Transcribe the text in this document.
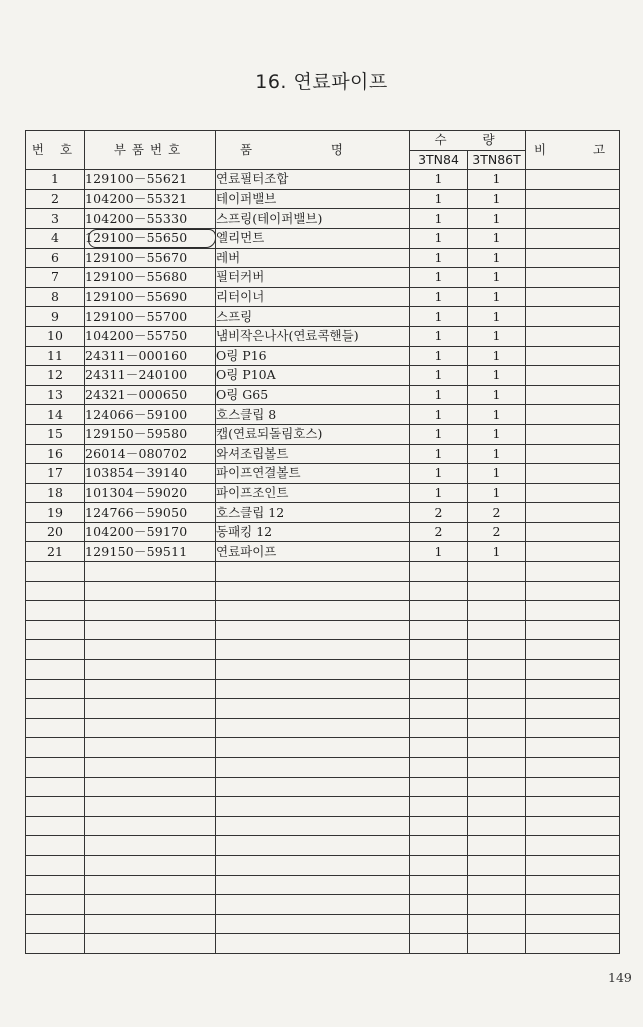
16. 연료파이프
번 호	부품번호	품 명	수 량		비 고

			3TN84	3TN86T	
1	129100－55621	연료필터조합	1	1	
2	104200－55321	테이퍼밸브	1	1	
3	104200－55330	스프링(테이퍼밸브)	1	1	
4	129100－55650	엘리먼트	1	1	
6	129100－55670	레버	1	1	
7	129100－55680	필터커버	1	1	
8	129100－55690	리터이너	1	1	
9	129100－55700	스프링	1	1	
10	104200－55750	냄비작은나사(연료콕핸들)	1	1	
11	24311－000160	O링 P16	1	1	
12	24311－240100	O링 P10A	1	1	
13	24321－000650	O링 G65	1	1	
14	124066－59100	호스클립 8	1	1	
15	129150－59580	캡(연료되돌림호스)	1	1	
16	26014－080702	와셔조립볼트	1	1	
17	103854－39140	파이프연결볼트	1	1	
18	101304－59020	파이프조인트	1	1	
19	124766－59050	호스클립 12	2	2	
20	104200－59170	동패킹 12	2	2	
21	129150－59511	연료파이프	1	1	

149
